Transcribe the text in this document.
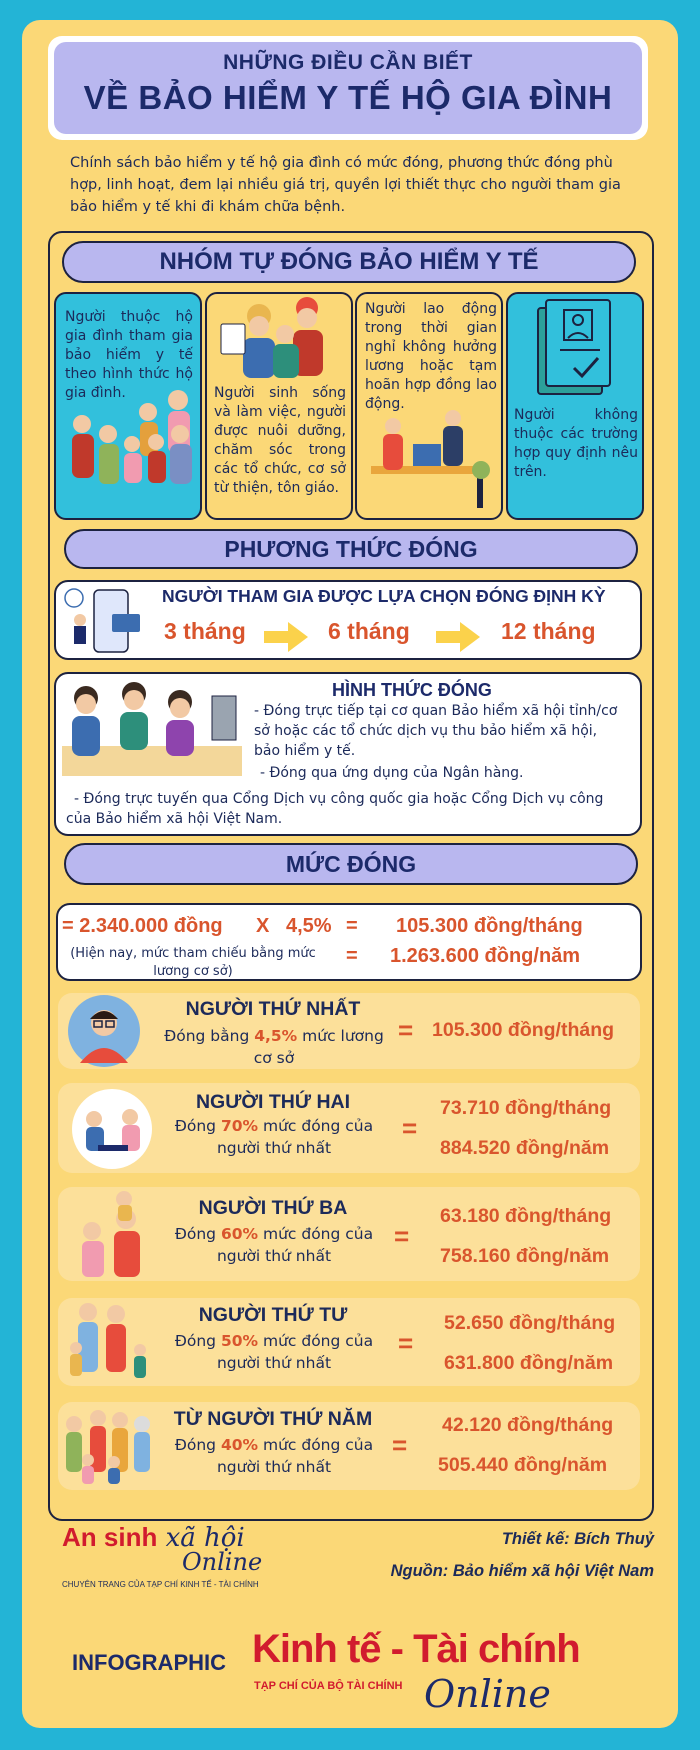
NHỮNG ĐIỀU CẦN BIẾT
VỀ BẢO HIỂM Y TẾ HỘ GIA ĐÌNH

Chính sách bảo hiểm y tế hộ gia đình có mức đóng, phương thức đóng phù hợp, linh hoạt, đem lại nhiều giá trị, quyền lợi thiết thực cho người tham gia bảo hiểm y tế khi đi khám chữa bệnh.

NHÓM TỰ ĐÓNG BẢO HIỂM Y TẾ
Người thuộc hộ gia đình tham gia bảo hiểm y tế theo hình thức hộ gia đình.	Người sinh sống và làm việc, người được nuôi dưỡng, chăm sóc trong các tổ chức, cơ sở từ thiện, tôn giáo.
Người lao động trong thời gian nghỉ không hưởng lương hoặc tạm hoãn hợp đồng lao động.
Người không thuộc các trường hợp quy định nêu trên.
PHƯƠNG THỨC ĐÓNG
NGƯỜI THAM GIA ĐƯỢC LỰA CHỌN ĐÓNG ĐỊNH KỲ
3 tháng	6 tháng	12 tháng
HÌNH THỨC ĐÓNG
- Đóng trực tiếp tại cơ quan Bảo hiểm xã hội tỉnh/cơ
sở hoặc các tổ chức dịch vụ thu bảo hiểm xã hội,
bảo hiểm y tế.
- Đóng qua ứng dụng của Ngân hàng.
- Đóng trực tuyến qua Cổng Dịch vụ công quốc gia hoặc Cổng Dịch vụ công
của Bảo hiểm xã hội Việt Nam.
MỨC ĐÓNG
= 2.340.000 đồng X 4,5% = 105.300 đồng/tháng
(Hiện nay, mức tham chiếu bằng mức
lương cơ sở)
= 1.263.600 đồng/năm
NGƯỜI THỨ NHẤT
Đóng bằng 4,5% mức lương
cơ sở
= 105.300 đồng/tháng
NGƯỜI THỨ HAI
Đóng 70% mức đóng của
người thứ nhất
=
73.710 đồng/tháng
884.520 đồng/năm
NGƯỜI THỨ BA
Đóng 60% mức đóng của
người thứ nhất
=
63.180 đồng/tháng
758.160 đồng/năm
NGƯỜI THỨ TƯ
Đóng 50% mức đóng của
người thứ nhất
=
52.650 đồng/tháng
631.800 đồng/năm
TỪ NGƯỜI THỨ NĂM
Đóng 40% mức đóng của
người thứ nhất
=
42.120 đồng/tháng
505.440 đồng/năm
An sinh xã hội
Online
CHUYÊN TRANG CỦA TẠP CHÍ KINH TẾ - TÀI CHÍNH
Thiết kế: Bích Thuỷ
Nguồn: Bảo hiểm xã hội Việt Nam
INFOGRAPHIC Kinh tế - Tài chính
TẠP CHÍ CỦA BỘ TÀI CHÍNH Online
